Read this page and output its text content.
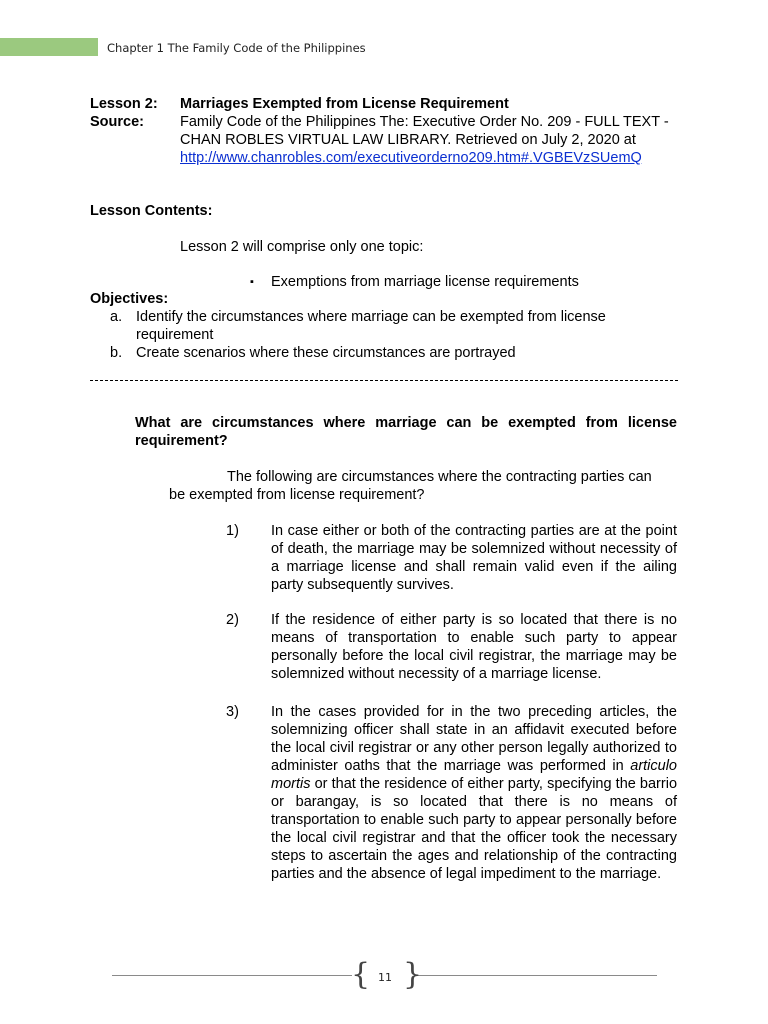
Chapter 1 The Family Code of the Philippines
Lesson 2:	Marriages Exempted from License Requirement
Source:	Family Code of the Philippines The: Executive Order No. 209 - FULL TEXT - CHAN ROBLES VIRTUAL LAW LIBRARY. Retrieved on July 2, 2020 at
http://www.chanrobles.com/executiveorderno209.htm#.VGBEVzSUemQ
Lesson Contents:
Lesson 2 will comprise only one topic:
▪	Exemptions from marriage license requirements
Objectives:
a. Identify the circumstances where marriage can be exempted from license requirement
b. Create scenarios where these circumstances are portrayed
What are circumstances where marriage can be exempted from license requirement?
The following are circumstances where the contracting parties can
be exempted from license requirement?
1)	In case either or both of the contracting parties are at the point of death, the marriage may be solemnized without necessity of a marriage license and shall remain valid even if the ailing party subsequently survives.
2)	If the residence of either party is so located that there is no means of transportation to enable such party to appear personally before the local civil registrar, the marriage may be solemnized without necessity of a marriage license.
3)	In the cases provided for in the two preceding articles, the solemnizing officer shall state in an affidavit executed before the local civil registrar or any other person legally authorized to administer oaths that the marriage was performed in articulo mortis or that the residence of either party, specifying the barrio or barangay, is so located that there is no means of transportation to enable such party to appear personally before the local civil registrar and that the officer took the necessary steps to ascertain the ages and relationship of the contracting parties and the absence of legal impediment to the marriage.
{ }
11
